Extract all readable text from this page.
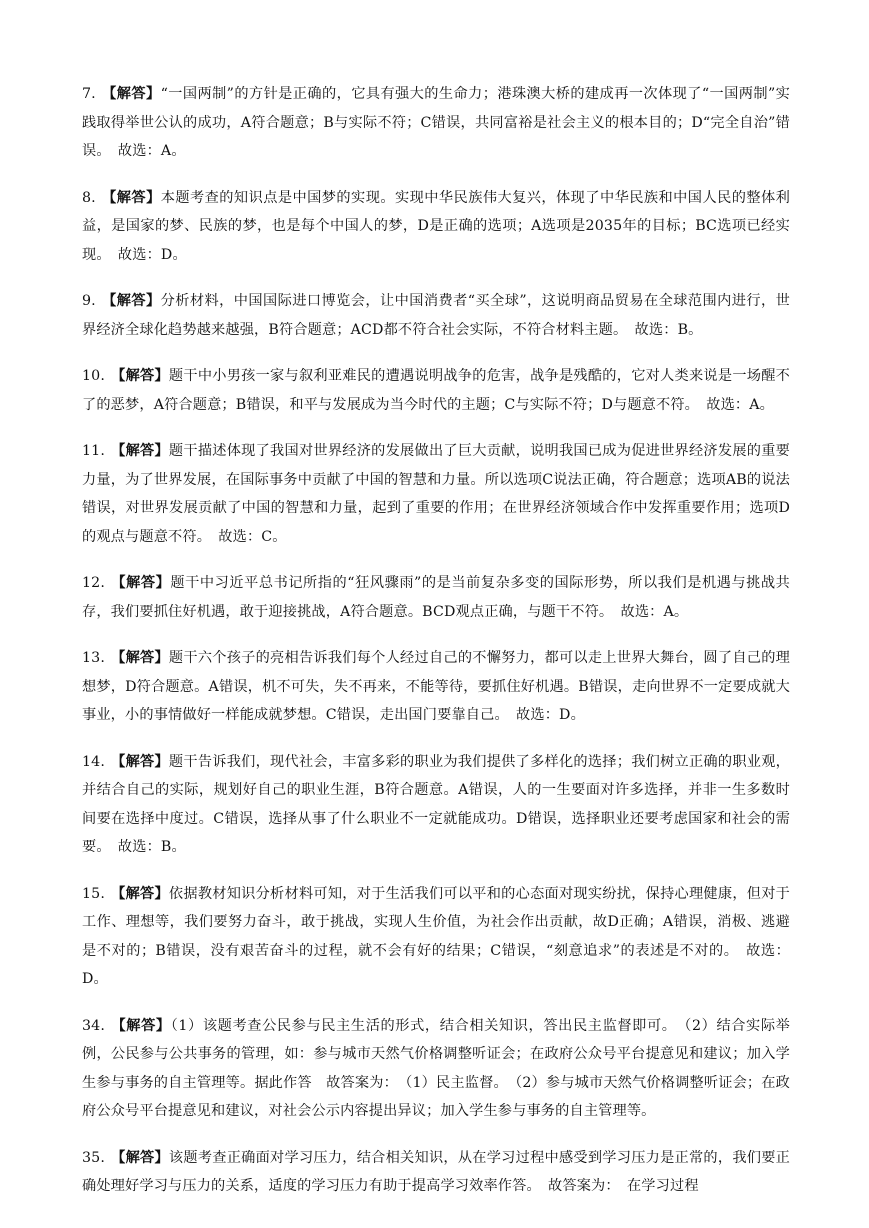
7. 【解答】“一国两制”的方针是正确的，它具有强大的生命力；港珠澳大桥的建成再一次体现了“一国两制”实践取得举世公认的成功，A符合题意；B与实际不符；C错误，共同富裕是社会主义的根本目的；D“完全自治”错误。　故选：A。

8. 【解答】本题考查的知识点是中国梦的实现。实现中华民族伟大复兴，体现了中华民族和中国人民的整体利益，是国家的梦、民族的梦，也是每个中国人的梦，D是正确的选项；A选项是2035年的目标；BC选项已经实现。　故选：D。

9. 【解答】分析材料，中国国际进口博览会，让中国消费者“买全球”，这说明商品贸易在全球范围内进行，世界经济全球化趋势越来越强，B符合题意；ACD都不符合社会实际，不符合材料主题。　故选：B。

10. 【解答】题干中小男孩一家与叙利亚难民的遭遇说明战争的危害，战争是残酷的，它对人类来说是一场醒不了的恶梦，A符合题意；B错误，和平与发展成为当今时代的主题；C与实际不符；D与题意不符。　故选：A。

11. 【解答】题干描述体现了我国对世界经济的发展做出了巨大贡献，说明我国已成为促进世界经济发展的重要力量，为了世界发展，在国际事务中贡献了中国的智慧和力量。所以选项C说法正确，符合题意；选项AB的说法错误，对世界发展贡献了中国的智慧和力量，起到了重要的作用；在世界经济领域合作中发挥重要作用；选项D的观点与题意不符。　故选：C。

12. 【解答】题干中习近平总书记所指的“狂风骤雨”的是当前复杂多变的国际形势，所以我们是机遇与挑战共存，我们要抓住好机遇，敢于迎接挑战，A符合题意。BCD观点正确，与题干不符。　故选：A。

13. 【解答】题干六个孩子的亮相告诉我们每个人经过自己的不懈努力，都可以走上世界大舞台，圆了自己的理想梦，D符合题意。A错误，机不可失，失不再来，不能等待，要抓住好机遇。B错误，走向世界不一定要成就大事业，小的事情做好一样能成就梦想。C错误，走出国门要靠自己。　故选：D。

14. 【解答】题干告诉我们，现代社会，丰富多彩的职业为我们提供了多样化的选择；我们树立正确的职业观，并结合自己的实际，规划好自己的职业生涯，B符合题意。A错误，人的一生要面对许多选择，并非一生多数时间要在选择中度过。C错误，选择从事了什么职业不一定就能成功。D错误，选择职业还要考虑国家和社会的需要。　故选：B。

15. 【解答】依据教材知识分析材料可知，对于生活我们可以平和的心态面对现实纷扰，保持心理健康，但对于工作、理想等，我们要努力奋斗，敢于挑战，实现人生价值，为社会作出贡献，故D正确；A错误，消极、逃避是不对的；B错误，没有艰苦奋斗的过程，就不会有好的结果；C错误，“刻意追求”的表述是不对的。　故选：D。

34. 【解答】（1）该题考查公民参与民主生活的形式，结合相关知识，答出民主监督即可。　（2）结合实际举例，公民参与公共事务的管理，如：参与城市天然气价格调整听证会；在政府公众号平台提意见和建议；加入学生参与事务的自主管理等。据此作答　故答案为：　（1）民主监督。　（2）参与城市天然气价格调整听证会；在政府公众号平台提意见和建议，对社会公示内容提出异议；加入学生参与事务的自主管理等。

35. 【解答】该题考查正确面对学习压力，结合相关知识，从在学习过程中感受到学习压力是正常的，我们要正确处理好学习与压力的关系，适度的学习压力有助于提高学习效率作答。　故答案为：　在学习过程
